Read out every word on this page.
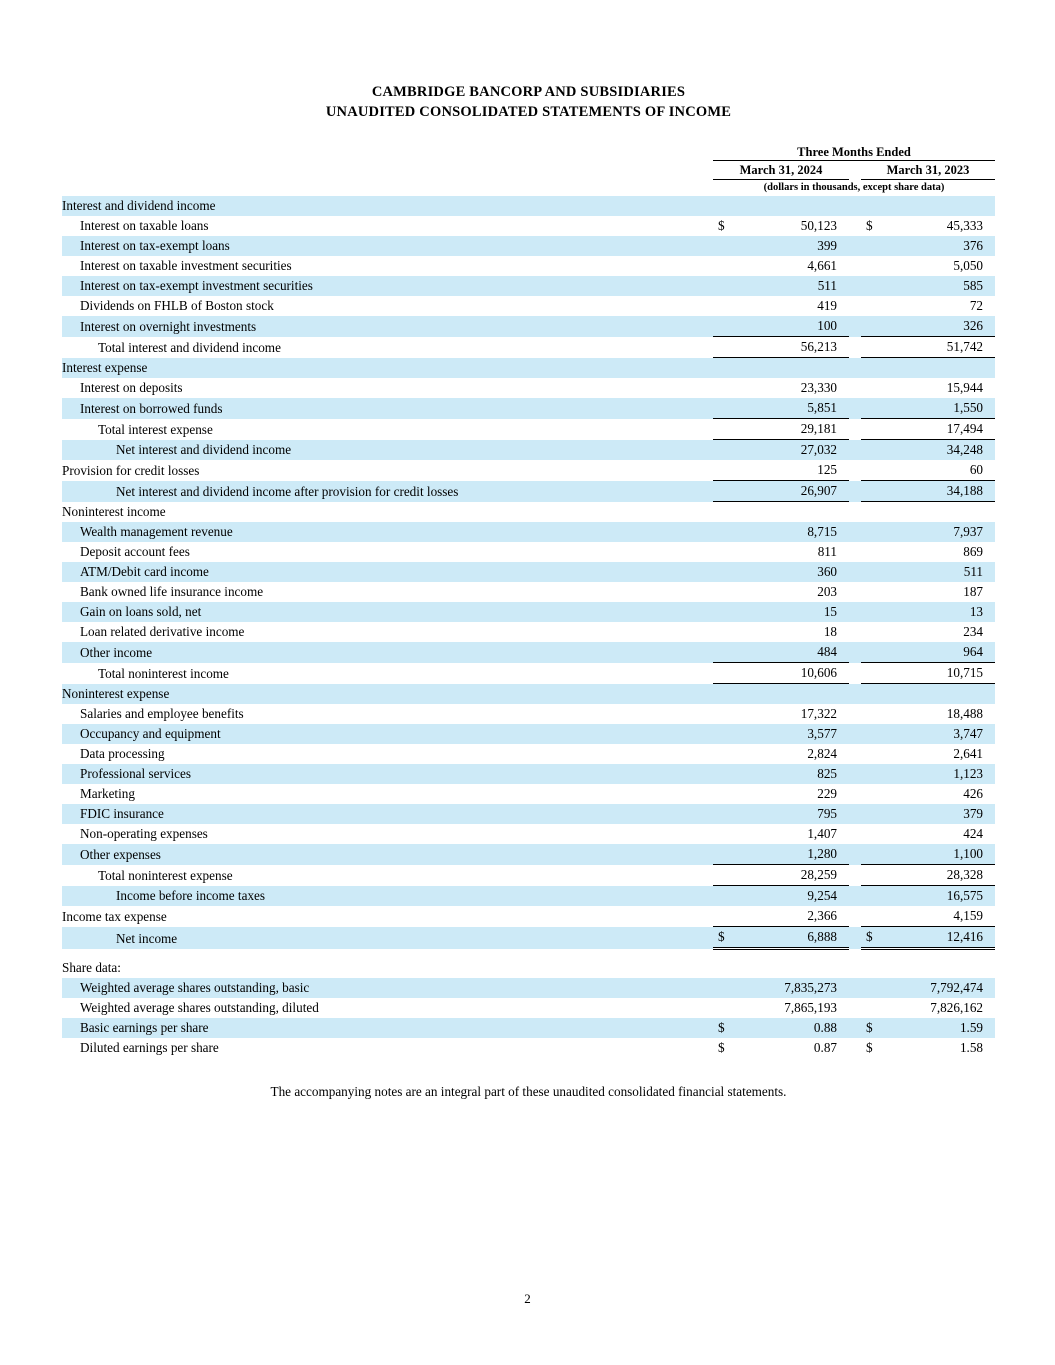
CAMBRIDGE BANCORP AND SUBSIDIARIES
UNAUDITED CONSOLIDATED STATEMENTS OF INCOME
	Three Months Ended				
	March 31, 2024			March 31, 2023	
	(dollars in thousands, except share data)				
Interest and dividend income					
Interest on taxable loans	$	50,123		$	45,333
Interest on tax-exempt loans		399			376
Interest on taxable investment securities		4,661			5,050
Interest on tax-exempt investment securities		511			585
Dividends on FHLB of Boston stock		419			72
Interest on overnight investments		100			326
Total interest and dividend income		56,213			51,742
Interest expense					
Interest on deposits		23,330			15,944
Interest on borrowed funds		5,851			1,550
Total interest expense		29,181			17,494
Net interest and dividend income		27,032			34,248
Provision for credit losses		125			60
Net interest and dividend income after provision for credit losses		26,907			34,188
Noninterest income					
Wealth management revenue		8,715			7,937
Deposit account fees		811			869
ATM/Debit card income		360			511
Bank owned life insurance income		203			187
Gain on loans sold, net		15			13
Loan related derivative income		18			234
Other income		484			964
Total noninterest income		10,606			10,715
Noninterest expense					
Salaries and employee benefits		17,322			18,488
Occupancy and equipment		3,577			3,747
Data processing		2,824			2,641
Professional services		825			1,123
Marketing		229			426
FDIC insurance		795			379
Non-operating expenses		1,407			424
Other expenses		1,280			1,100
Total noninterest expense		28,259			28,328
Income before income taxes		9,254			16,575
Income tax expense		2,366			4,159
Net income	$	6,888		$	12,416

Share data:					
Weighted average shares outstanding, basic		7,835,273			7,792,474
Weighted average shares outstanding, diluted		7,865,193			7,826,162
Basic earnings per share	$	0.88		$	1.59
Diluted earnings per share	$	0.87		$	1.58
The accompanying notes are an integral part of these unaudited consolidated financial statements.
2
